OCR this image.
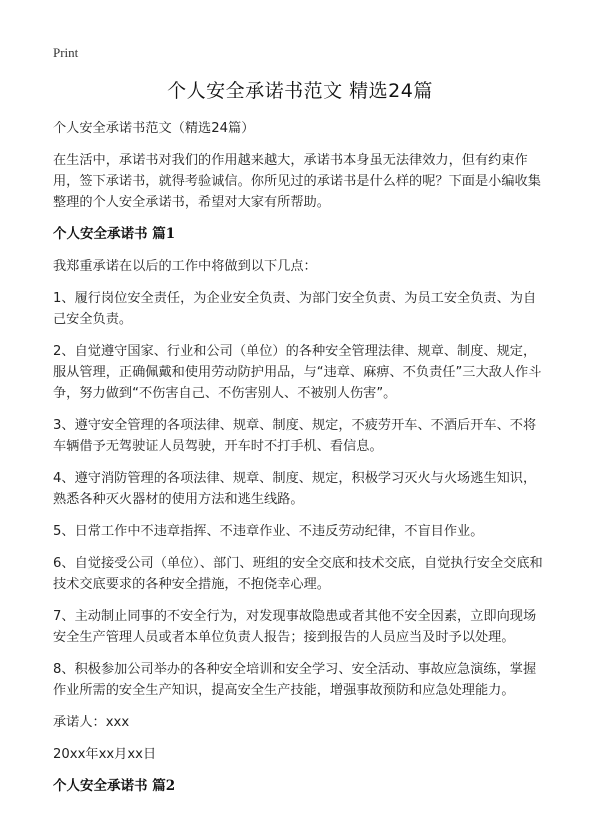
Print
个人安全承诺书范文 精选24篇

个人安全承诺书范文（精选24篇）

在生活中，承诺书对我们的作用越来越大，承诺书本身虽无法律效力，但有约束作用，签下承诺书，就得考验诚信。你所见过的承诺书是什么样的呢？下面是小编收集整理的个人安全承诺书，希望对大家有所帮助。

个人安全承诺书 篇1

我郑重承诺在以后的工作中将做到以下几点：

1、履行岗位安全责任，为企业安全负责、为部门安全负责、为员工安全负责、为自己安全负责。

2、自觉遵守国家、行业和公司（单位）的各种安全管理法律、规章、制度、规定，服从管理，正确佩戴和使用劳动防护用品，与“违章、麻痹、不负责任”三大敌人作斗争，努力做到“不伤害自己、不伤害别人、不被别人伤害”。

3、遵守安全管理的各项法律、规章、制度、规定，不疲劳开车、不酒后开车、不将车辆借予无驾驶证人员驾驶，开车时不打手机、看信息。

4、遵守消防管理的各项法律、规章、制度、规定，积极学习灭火与火场逃生知识，熟悉各种灭火器材的使用方法和逃生线路。

5、日常工作中不违章指挥、不违章作业、不违反劳动纪律，不盲目作业。

6、自觉接受公司（单位）、部门、班组的安全交底和技术交底，自觉执行安全交底和技术交底要求的各种安全措施，不抱侥幸心理。

7、主动制止同事的不安全行为，对发现事故隐患或者其他不安全因素，立即向现场安全生产管理人员或者本单位负责人报告；接到报告的人员应当及时予以处理。

8、积极参加公司举办的各种安全培训和安全学习、安全活动、事故应急演练，掌握作业所需的安全生产知识，提高安全生产技能，增强事故预防和应急处理能力。

承诺人：xxx

20xx年xx月xx日

个人安全承诺书 篇2
